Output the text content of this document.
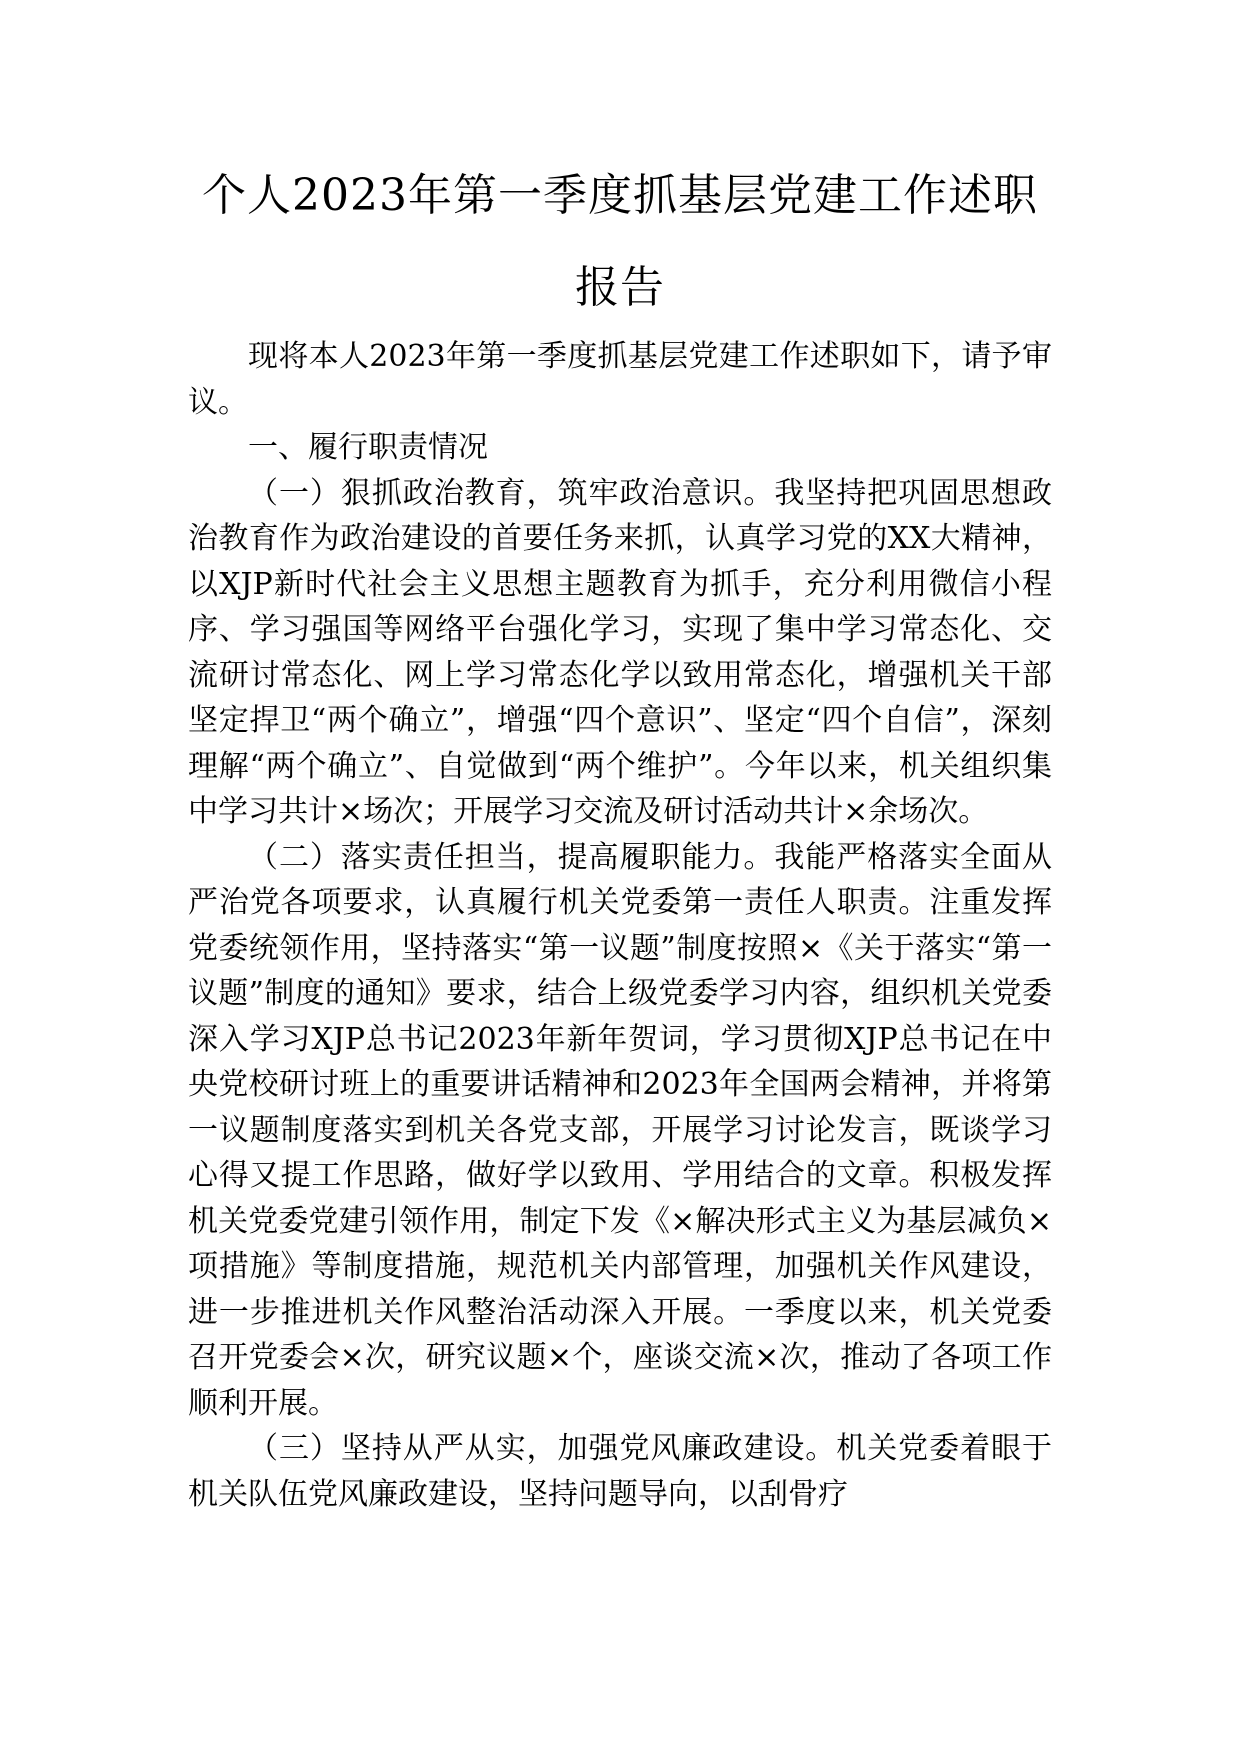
个人2023年第一季度抓基层党建工作述职
报告

现将本人2023年第一季度抓基层党建工作述职如下，请予审议。

一、履行职责情况

（一）狠抓政治教育，筑牢政治意识。我坚持把巩固思想政治教育作为政治建设的首要任务来抓，认真学习党的XX大精神，以XJP新时代社会主义思想主题教育为抓手，充分利用微信小程序、学习强国等网络平台强化学习，实现了集中学习常态化、交流研讨常态化、网上学习常态化学以致用常态化，增强机关干部坚定捍卫“两个确立”，增强“四个意识”、坚定“四个自信”，深刻理解“两个确立”、自觉做到“两个维护”。今年以来，机关组织集中学习共计×场次；开展学习交流及研讨活动共计×余场次。

（二）落实责任担当，提高履职能力。我能严格落实全面从严治党各项要求，认真履行机关党委第一责任人职责。注重发挥党委统领作用，坚持落实“第一议题”制度按照×《关于落实“第一议题”制度的通知》要求，结合上级党委学习内容，组织机关党委深入学习XJP总书记2023年新年贺词，学习贯彻XJP总书记在中央党校研讨班上的重要讲话精神和2023年全国两会精神，并将第一议题制度落实到机关各党支部，开展学习讨论发言，既谈学习心得又提工作思路，做好学以致用、学用结合的文章。积极发挥机关党委党建引领作用，制定下发《×解决形式主义为基层减负×项措施》等制度措施，规范机关内部管理，加强机关作风建设，进一步推进机关作风整治活动深入开展。一季度以来，机关党委召开党委会×次，研究议题×个，座谈交流×次，推动了各项工作顺利开展。

（三）坚持从严从实，加强党风廉政建设。机关党委着眼于机关队伍党风廉政建设，坚持问题导向，以刮骨疗
